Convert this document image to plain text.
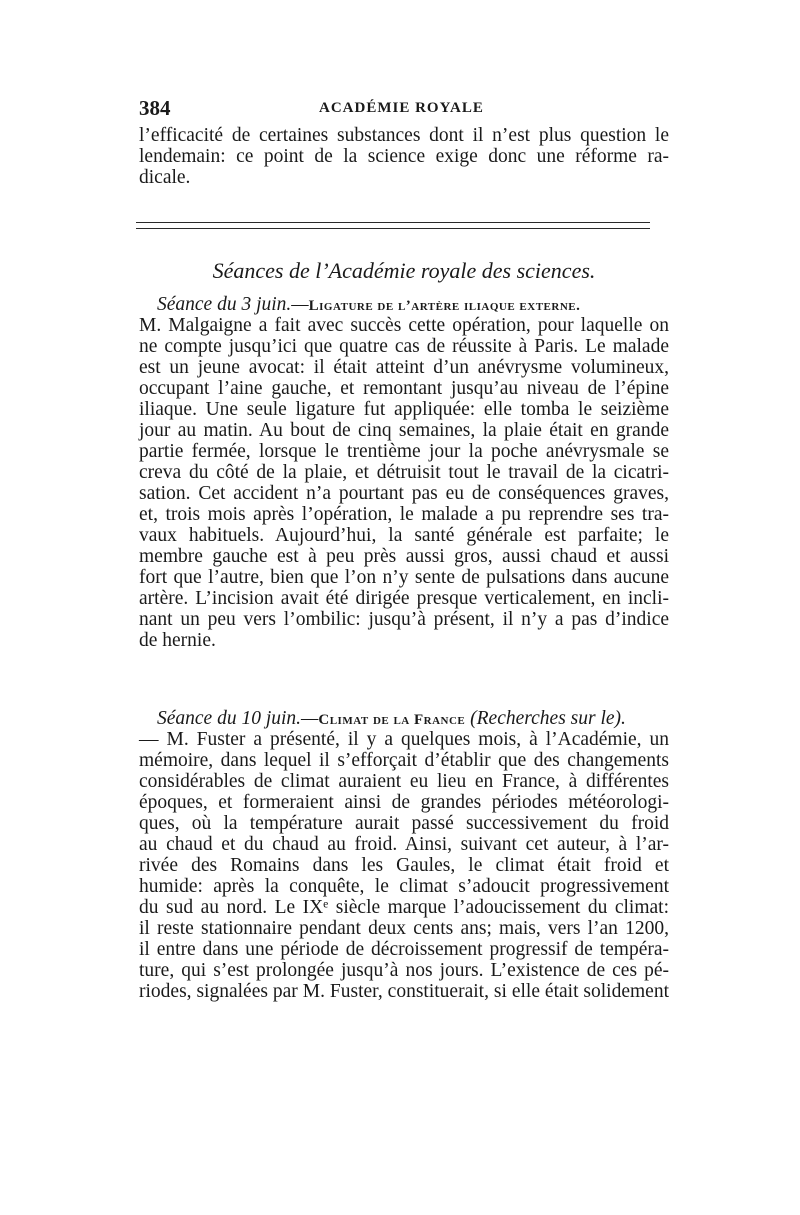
384	ACADÉMIE ROYALE
l’efficacité de certaines substances dont il n’est plus question le
lendemain: ce point de la science exige donc une réforme ra-
dicale.
Séances de l’Académie royale des sciences.
Séance du 3 juin.—Ligature de l’artère iliaque externe.
M. Malgaigne a fait avec succès cette opération, pour laquelle on
ne compte jusqu’ici que quatre cas de réussite à Paris. Le malade
est un jeune avocat: il était atteint d’un anévrysme volumineux,
occupant l’aine gauche, et remontant jusqu’au niveau de l’épine
iliaque. Une seule ligature fut appliquée: elle tomba le seizième
jour au matin. Au bout de cinq semaines, la plaie était en grande
partie fermée, lorsque le trentième jour la poche anévrysmale se
creva du côté de la plaie, et détruisit tout le travail de la cicatri-
sation. Cet accident n’a pourtant pas eu de conséquences graves,
et, trois mois après l’opération, le malade a pu reprendre ses tra-
vaux habituels. Aujourd’hui, la santé générale est parfaite; le
membre gauche est à peu près aussi gros, aussi chaud et aussi
fort que l’autre, bien que l’on n’y sente de pulsations dans aucune
artère. L’incision avait été dirigée presque verticalement, en incli-
nant un peu vers l’ombilic: jusqu’à présent, il n’y a pas d’indice
de hernie.
Séance du 10 juin.—Climat de la France (Recherches sur le).
— M. Fuster a présenté, il y a quelques mois, à l’Académie, un
mémoire, dans lequel il s’efforçait d’établir que des changements
considérables de climat auraient eu lieu en France, à différentes
époques, et formeraient ainsi de grandes périodes météorologi-
ques, où la température aurait passé successivement du froid
au chaud et du chaud au froid. Ainsi, suivant cet auteur, à l’ar-
rivée des Romains dans les Gaules, le climat était froid et
humide: après la conquête, le climat s’adoucit progressivement
du sud au nord. Le IXᵉ siècle marque l’adoucissement du climat:
il reste stationnaire pendant deux cents ans; mais, vers l’an 1200,
il entre dans une période de décroissement progressif de tempéra-
ture, qui s’est prolongée jusqu’à nos jours. L’existence de ces pé-
riodes, signalées par M. Fuster, constituerait, si elle était solidement
